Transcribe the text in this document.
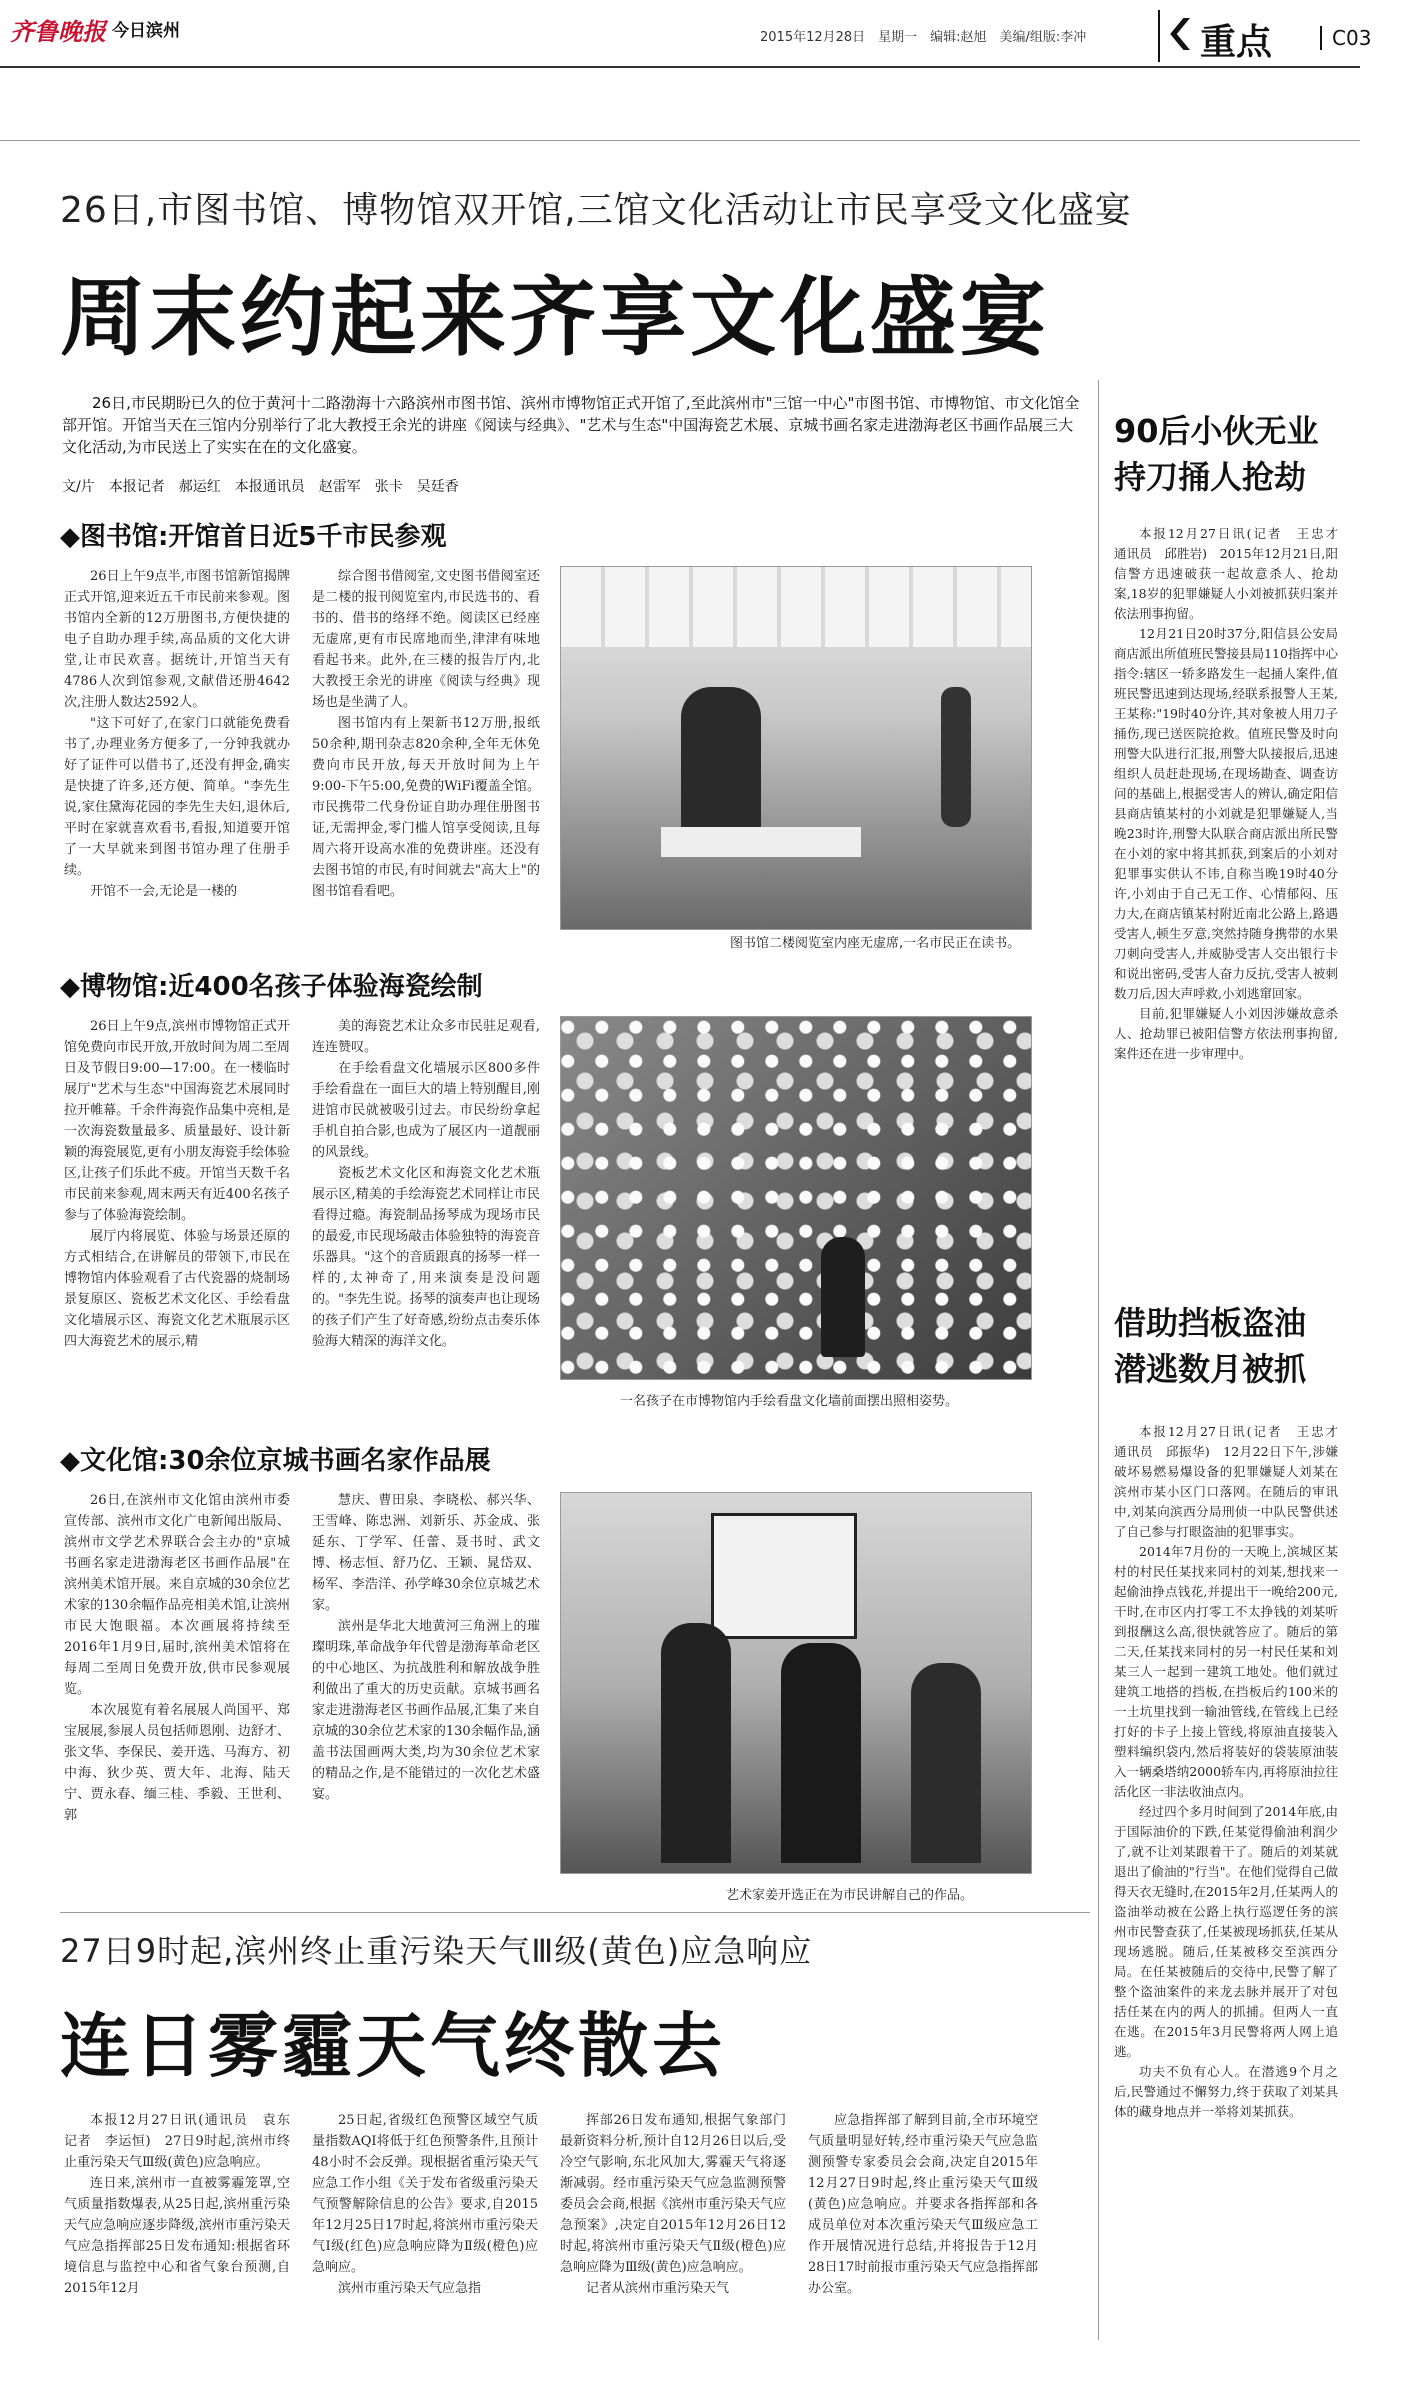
齐鲁晚报 今日滨州	2015年12月28日　星期一　编辑:赵旭　美编/组版:李冲	重点	C03
26日,市图书馆、博物馆双开馆,三馆文化活动让市民享受文化盛宴
周末约起来齐享文化盛宴
26日,市民期盼已久的位于黄河十二路渤海十六路滨州市图书馆、滨州市博物馆正式开馆了,至此滨州市"三馆一中心"市图书馆、市博物馆、市文化馆全部开馆。开馆当天在三馆内分别举行了北大教授王余光的讲座《阅读与经典》、"艺术与生态"中国海瓷艺术展、京城书画名家走进渤海老区书画作品展三大文化活动,为市民送上了实实在在的文化盛宴。
文/片　本报记者　郝运红　本报通讯员　赵雷军　张卡　吴廷香
◆图书馆:开馆首日近5千市民参观

26日上午9点半,市图书馆新馆揭牌正式开馆,迎来近五千市民前来参观。图书馆内全新的12万册图书,方便快捷的电子自助办理手续,高品质的文化大讲堂,让市民欢喜。据统计,开馆当天有4786人次到馆参观,文献借还册4642次,注册人数达2592人。

"这下可好了,在家门口就能免费看书了,办理业务方便多了,一分钟我就办好了证件可以借书了,还没有押金,确实是快捷了许多,还方便、简单。"李先生说,家住黛海花园的李先生夫妇,退休后,平时在家就喜欢看书,看报,知道要开馆了一大早就来到图书馆办理了住册手续。

开馆不一会,无论是一楼的

综合图书借阅室,文史图书借阅室还是二楼的报刊阅览室内,市民选书的、看书的、借书的络绎不绝。阅读区已经座无虚席,更有市民席地而坐,津津有味地看起书来。此外,在三楼的报告厅内,北大教授王余光的讲座《阅读与经典》现场也是坐满了人。

图书馆内有上架新书12万册,报纸50余种,期刊杂志820余种,全年无休免费向市民开放,每天开放时间为上午9:00-下午5:00,免费的WiFi覆盖全馆。市民携带二代身份证自助办理住册图书证,无需押金,零门槛人馆享受阅读,且每周六将开设高水准的免费讲座。还没有去图书馆的市民,有时间就去"高大上"的图书馆看看吧。

图书馆二楼阅览室内座无虚席,一名市民正在读书。
◆博物馆:近400名孩子体验海瓷绘制

26日上午9点,滨州市博物馆正式开馆免费向市民开放,开放时间为周二至周日及节假日9:00—17:00。在一楼临时展厅"艺术与生态"中国海瓷艺术展同时拉开帷幕。千余件海瓷作品集中亮相,是一次海瓷数量最多、质量最好、设计新颖的海瓷展览,更有小朋友海瓷手绘体验区,让孩子们乐此不疲。开馆当天数千名市民前来参观,周末两天有近400名孩子参与了体验海瓷绘制。

展厅内将展览、体验与场景还原的方式相结合,在讲解员的带领下,市民在博物馆内体验观看了古代瓷器的烧制场景复原区、瓷板艺术文化区、手绘看盘文化墙展示区、海瓷文化艺术瓶展示区四大海瓷艺术的展示,精

美的海瓷艺术让众多市民驻足观看,连连赞叹。

在手绘看盘文化墙展示区800多件手绘看盘在一面巨大的墙上特别醒目,刚进馆市民就被吸引过去。市民纷纷拿起手机自拍合影,也成为了展区内一道靓丽的风景线。

瓷板艺术文化区和海瓷文化艺术瓶展示区,精美的手绘海瓷艺术同样让市民看得过瘾。海瓷制品扬琴成为现场市民的最爱,市民现场敲击体验独特的海瓷音乐器具。"这个的音质跟真的扬琴一样一样的,太神奇了,用来演奏是没问题的。"李先生说。扬琴的演奏声也让现场的孩子们产生了好奇感,纷纷点击奏乐体验海大精深的海洋文化。

一名孩子在市博物馆内手绘看盘文化墙前面摆出照相姿势。
◆文化馆:30余位京城书画名家作品展

26日,在滨州市文化馆由滨州市委宣传部、滨州市文化广电新闻出版局、滨州市文学艺术界联合会主办的"京城书画名家走进渤海老区书画作品展"在滨州美术馆开展。来自京城的30余位艺术家的130余幅作品亮相美术馆,让滨州市民大饱眼福。本次画展将持续至2016年1月9日,届时,滨州美术馆将在每周二至周日免费开放,供市民参观展览。

本次展览有着名展展人尚国平、郑宝展展,参展人员包括师恩刚、边舒才、张文华、李保民、姜开选、马海方、初中海、狄少英、贾大年、北海、陆天宁、贾永春、缅三桂、季毅、王世利、郭

慧庆、曹田泉、李晓松、郝兴华、王雪峰、陈忠洲、刘新乐、苏金成、张延东、丁学军、任蕾、聂书时、武文博、杨志恒、舒乃亿、王颖、晁岱双、杨军、李浩洋、孙学峰30余位京城艺术家。

滨州是华北大地黄河三角洲上的璀璨明珠,革命战争年代曾是渤海革命老区的中心地区、为抗战胜利和解放战争胜利做出了重大的历史贡献。京城书画名家走进渤海老区书画作品展,汇集了来自京城的30余位艺术家的130余幅作品,涵盖书法国画两大类,均为30余位艺术家的精品之作,是不能错过的一次化艺术盛宴。

艺术家姜开选正在为市民讲解自己的作品。
90后小伙无业持刀捅人抢劫

本报12月27日讯(记者　王忠才　通讯员　邱胜岩)　2015年12月21日,阳信警方迅速破获一起故意杀人、抢劫案,18岁的犯罪嫌疑人小刘被抓获归案并依法刑事拘留。

12月21日20时37分,阳信县公安局商店派出所值班民警接县局110指挥中心指令:辖区一轿多路发生一起捅人案件,值班民警迅速到达现场,经联系报警人王某,王某称:"19时40分许,其对象被人用刀子捅伤,现已送医院抢救。值班民警及时向刑警大队进行汇报,刑警大队接报后,迅速组织人员赶赴现场,在现场勘查、调查访问的基础上,根据受害人的辨认,确定阳信县商店镇某村的小刘就是犯罪嫌疑人,当晚23时许,刑警大队联合商店派出所民警在小刘的家中将其抓获,到案后的小刘对犯罪事实供认不讳,自称当晚19时40分许,小刘由于自己无工作、心情郁闷、压力大,在商店镇某村附近南北公路上,路遇受害人,顿生歹意,突然持随身携带的水果刀刺向受害人,并威胁受害人交出银行卡和说出密码,受害人奋力反抗,受害人被刺数刀后,因大声呼救,小刘逃窜回家。

目前,犯罪嫌疑人小刘因涉嫌故意杀人、抢劫罪已被阳信警方依法刑事拘留,案件还在进一步审理中。

借助挡板盗油潜逃数月被抓

本报12月27日讯(记者　王忠才　通讯员　邱振华)　12月22日下午,涉嫌破坏易燃易爆设备的犯罪嫌疑人刘某在滨州市某小区门口落网。在随后的审讯中,刘某向滨西分局刑侦一中队民警供述了自己参与打眼盗油的犯罪事实。

2014年7月份的一天晚上,滨城区某村的村民任某找来同村的刘某,想找来一起偷油挣点钱花,并提出干一晚给200元,干时,在市区内打零工不太挣钱的刘某听到报酬这么高,很快就答应了。随后的第二天,任某找来同村的另一村民任某和刘某三人一起到一建筑工地处。他们就过建筑工地搭的挡板,在挡板后约100米的一土坑里找到一输油管线,在管线上已经打好的卡子上接上管线,将原油直接装入塑料编织袋内,然后将装好的袋装原油装入一辆桑塔纳2000轿车内,再将原油拉往活化区一非法收油点内。

经过四个多月时间到了2014年底,由于国际油价的下跌,任某觉得偷油利润少了,就不让刘某跟着干了。随后的刘某就退出了偷油的"行当"。在他们觉得自己做得天衣无缝时,在2015年2月,任某两人的盗油举动被在公路上执行巡逻任务的滨州市民警查获了,任某被现场抓获,任某从现场逃脱。随后,任某被移交至滨西分局。在任某被随后的交待中,民警了解了整个盗油案件的来龙去脉并展开了对包括任某在内的两人的抓捕。但两人一直在逃。在2015年3月民警将两人网上追逃。

功夫不负有心人。在潜逃9个月之后,民警通过不懈努力,终于获取了刘某具体的藏身地点并一举将刘某抓获。

27日9时起,滨州终止重污染天气Ⅲ级(黄色)应急响应
连日雾霾天气终散去

本报12月27日讯(通讯员　袁东　记者　李运恒)　27日9时起,滨州市终止重污染天气Ⅲ级(黄色)应急响应。

连日来,滨州市一直被雾霾笼罩,空气质量指数爆表,从25日起,滨州重污染天气应急响应逐步降级,滨州市重污染天气应急指挥部25日发布通知:根据省环境信息与监控中心和省气象台预测,自2015年12月

25日起,省级红色预警区域空气质量指数AQI将低于红色预警条件,且预计48小时不会反弹。现根据省重污染天气应急工作小组《关于发布省级重污染天气预警解除信息的公告》要求,自2015年12月25日17时起,将滨州市重污染天气Ⅰ级(红色)应急响应降为Ⅱ级(橙色)应急响应。

滨州市重污染天气应急指

挥部26日发布通知,根据气象部门最新资料分析,预计自12月26日以后,受冷空气影响,东北风加大,雾霾天气将逐渐减弱。经市重污染天气应急监测预警委员会会商,根据《滨州市重污染天气应急预案》,决定自2015年12月26日12时起,将滨州市重污染天气Ⅱ级(橙色)应急响应降为Ⅲ级(黄色)应急响应。

记者从滨州市重污染天气

应急指挥部了解到目前,全市环境空气质量明显好转,经市重污染天气应急监测预警专家委员会会商,决定自2015年12月27日9时起,终止重污染天气Ⅲ级(黄色)应急响应。并要求各指挥部和各成员单位对本次重污染天气Ⅲ级应急工作开展情况进行总结,并将报告于12月28日17时前报市重污染天气应急指挥部办公室。
